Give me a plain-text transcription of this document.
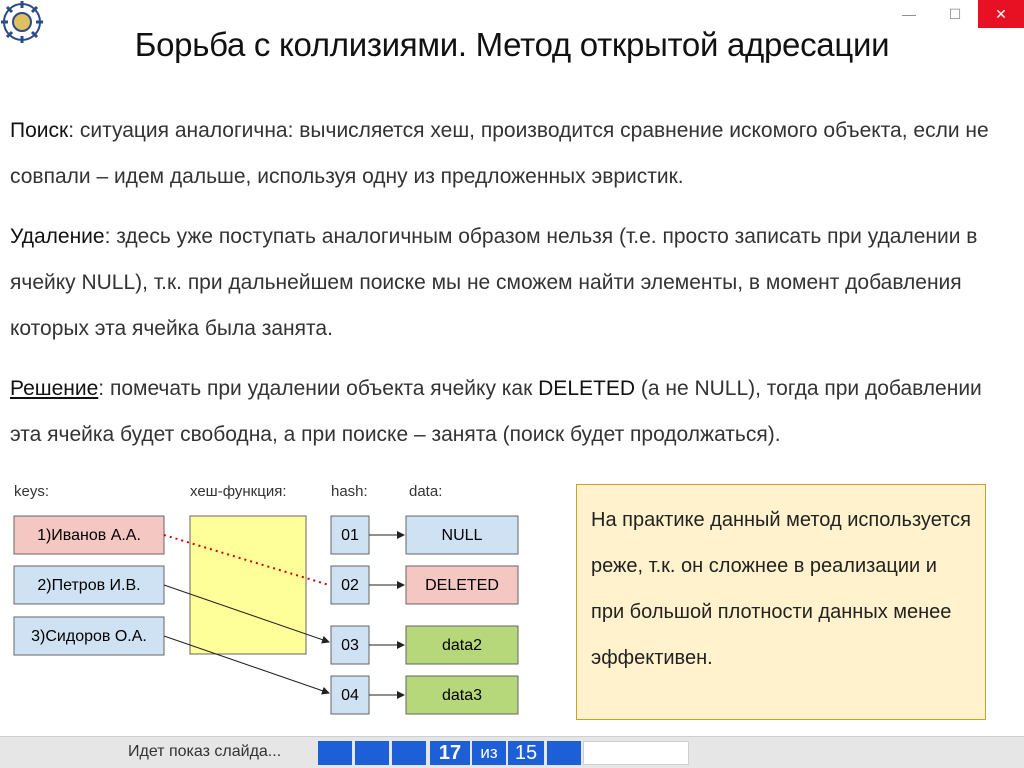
—	☐	✕
Борьба с коллизиями. Метод открытой адресации
Поиск: ситуация аналогична: вычисляется хеш, производится сравнение искомого объекта, если не совпали – идем дальше, используя одну из предложенных эвристик.
Удаление: здесь уже поступать аналогичным образом нельзя (т.е. просто записать при удалении в ячейку NULL), т.к. при дальнейшем поиске мы не сможем найти элементы, в момент добавления которых эта ячейка была занята.
Решение: помечать при удалении объекта ячейку как DELETED (а не NULL), тогда при добавлении эта ячейка будет свободна, а при поиске – занята (поиск будет продолжаться).
keys:	хеш-функция:	hash:	data:
1)Иванов А.А.
2)Петров И.В.
3)Сидоров О.А.
01
02
03
04
NULL
DELETED
data2
data3
На практике данный метод используется реже, т.к. он сложнее в реализации и при большой плотности данных менее эффективен.
Идет показ слайда...	17	из 15
